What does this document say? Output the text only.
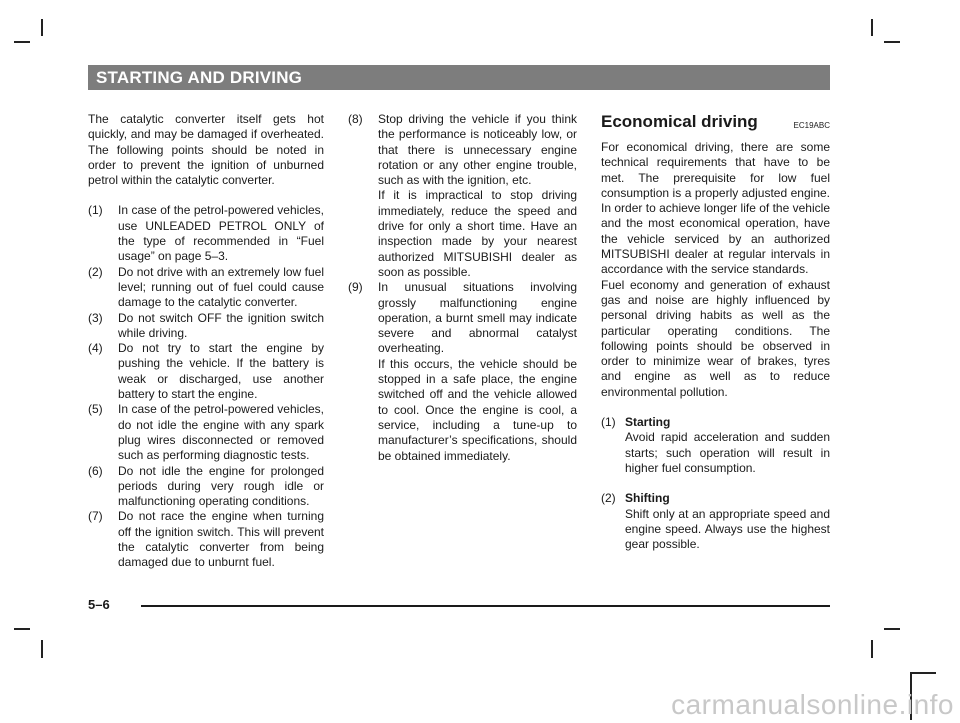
STARTING AND DRIVING

The catalytic converter itself gets hot quickly, and may be damaged if overheated. The following points should be noted in order to prevent the ignition of unburned petrol within the catalytic converter.

(1) In case of the petrol-powered vehicles, use UNLEADED PETROL ONLY of the type of recommended in “Fuel usage” on page 5–3.
(2) Do not drive with an extremely low fuel level; running out of fuel could cause damage to the catalytic converter.
(3) Do not switch OFF the ignition switch while driving.
(4) Do not try to start the engine by pushing the vehicle. If the battery is weak or discharged, use another battery to start the engine.
(5) In case of the petrol-powered vehicles, do not idle the engine with any spark plug wires disconnected or removed such as performing diagnostic tests.
(6) Do not idle the engine for prolonged periods during very rough idle or malfunctioning operating conditions.
(7) Do not race the engine when turning off the ignition switch. This will prevent the catalytic converter from being damaged due to unburnt fuel.
(8) Stop driving the vehicle if you think the performance is noticeably low, or that there is unnecessary engine rotation or any other engine trouble, such as with the ignition, etc.

If it is impractical to stop driving immediately, reduce the speed and drive for only a short time. Have an inspection made by your nearest authorized MITSUBISHI dealer as soon as possible.

(9) In unusual situations involving grossly malfunctioning engine operation, a burnt smell may indicate severe and abnormal catalyst overheating.

If this occurs, the vehicle should be stopped in a safe place, the engine switched off and the vehicle allowed to cool. Once the engine is cool, a service, including a tune-up to manufacturer’s specifications, should be obtained immediately.

Economical driving	EC19ABC

For economical driving, there are some technical requirements that have to be met. The prerequisite for low fuel consumption is a properly adjusted engine. In order to achieve longer life of the vehicle and the most economical operation, have the vehicle serviced by an authorized MITSUBISHI dealer at regular intervals in accordance with the service standards.

Fuel economy and generation of exhaust gas and noise are highly influenced by personal driving habits as well as the particular operating conditions. The following points should be observed in order to minimize wear of brakes, tyres and engine as well as to reduce environmental pollution.

(1) Starting

Avoid rapid acceleration and sudden starts; such operation will result in higher fuel consumption.

(2) Shifting

Shift only at an appropriate speed and engine speed. Always use the highest gear possible.

5–6
carmanualsonline.info
